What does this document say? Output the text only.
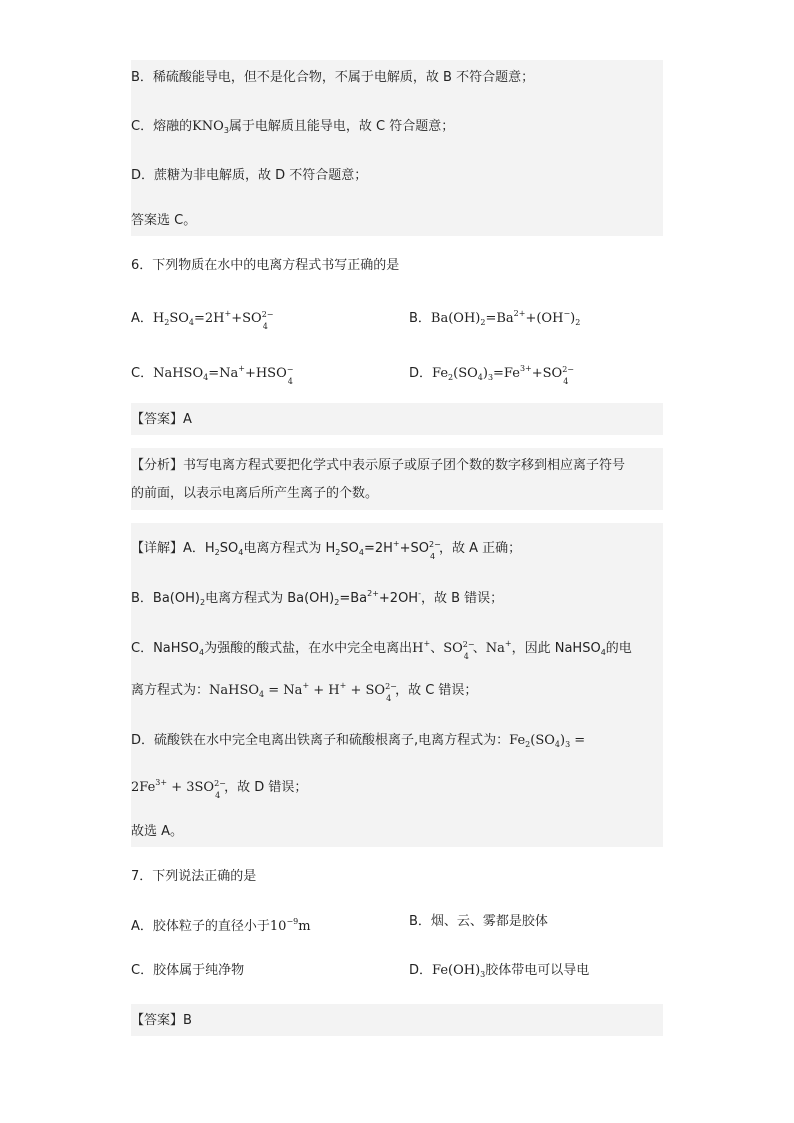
B．稀硫酸能导电，但不是化合物，不属于电解质，故 B 不符合题意；
C．熔融的$KNO_3$属于电解质且能导电，故 C 符合题意；
D．蔗糖为非电解质，故 D 不符合题意；
答案选 C。
6．下列物质在水中的电离方程式书写正确的是
A．$H_2SO_4=2H^++SO$ 2−
4
B．$Ba(OH)_2=Ba^{2+}+(OH^-)_2$
C．NaHSO$_4$=Na++HSO −
4
D．$Fe_2(SO_4)_3=Fe^{3+}+SO$ 2−
4
【答案】A
【分析】书写电离方程式要把化学式中表示原子或原子团个数的数字移到相应离子符号
的前面，以表示电离后所产生离子的个数。
【详解】A．$H_2SO_4$电离方程式为 $H_2SO_4=2H^++SO$ 2−
4
，故 A 正确；
B．$Ba(OH)_2$电离方程式为 $Ba(OH)_2=Ba^{2+}+2OH^-$，故 B 错误；
C．NaHSO$_4$为强酸的酸式盐，在水中完全电离出H+、SO 2−
4
、Na+，因此 NaHSO$_4$的电
离方程式为：NaHSO$_4$ = Na+ + H+ + SO 2−
4
，故 C 错误；
D．硫酸铁在水中完全电离出铁离子和硫酸根离子,电离方程式为：$Fe_2(SO_4)_3$ =
$2Fe^{3+} + 3SO$ 2−
4
，故 D 错误；
故选 A。
7．下列说法正确的是
A．胶体粒子的直径小于$10^{-9}m$	B．烟、云、雾都是胶体
C．胶体属于纯净物	D．$Fe(OH)_3$胶体带电可以导电
【答案】B
